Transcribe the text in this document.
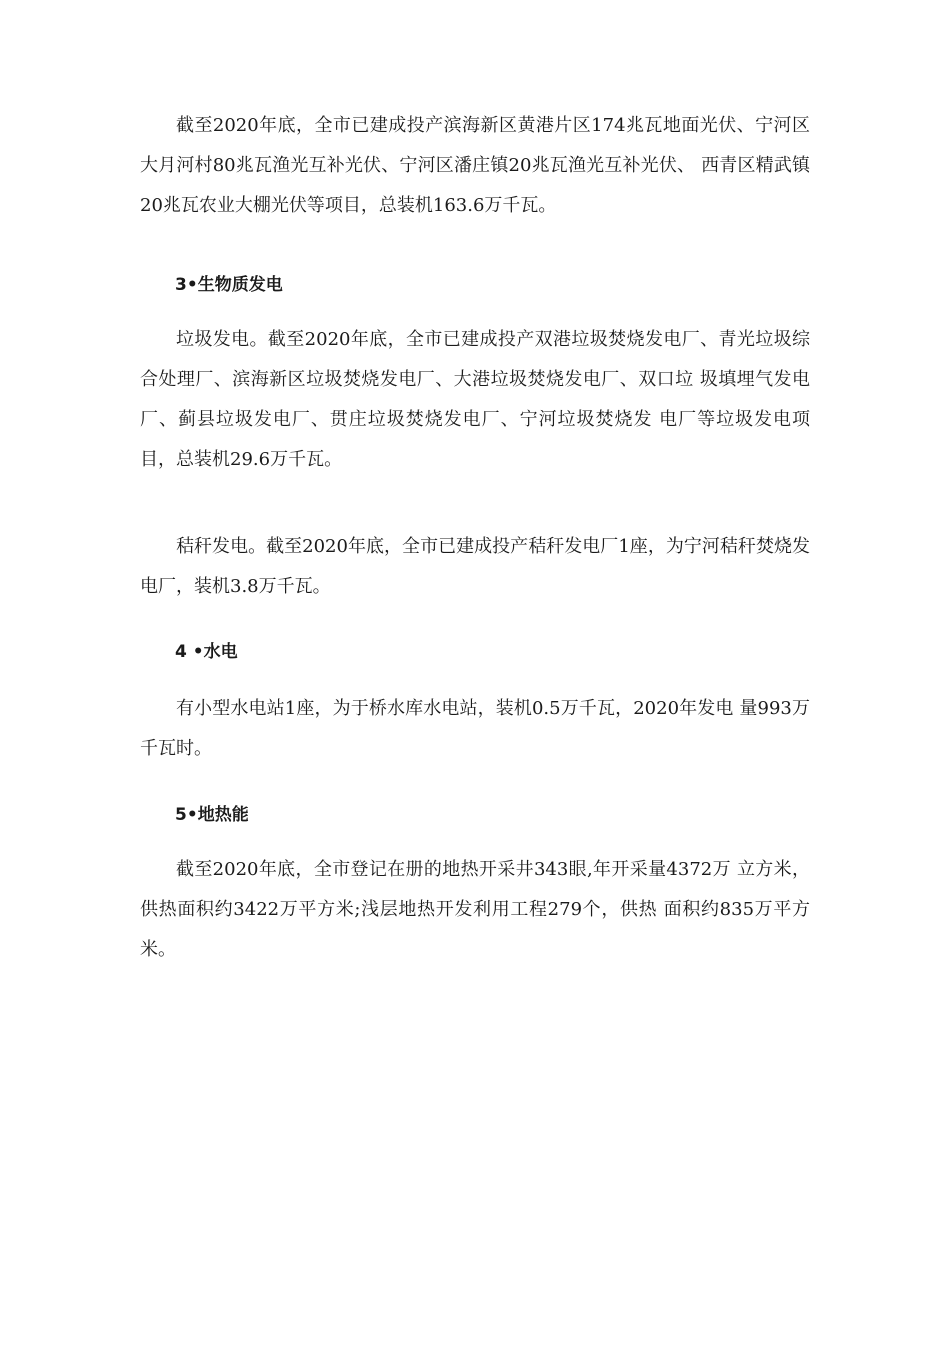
截至2020年底，全市已建成投产滨海新区黄港片区174兆瓦地面光伏、宁河区大月河村80兆瓦渔光互补光伏、宁河区潘庄镇20兆瓦渔光互补光伏、 西青区精武镇20兆瓦农业大棚光伏等项目，总装机163.6万千瓦。

3•生物质发电

垃圾发电。截至2020年底，全市已建成投产双港垃圾焚烧发电厂、青光垃圾综合处理厂、滨海新区垃圾焚烧发电厂、大港垃圾焚烧发电厂、双口垃 圾填埋气发电厂、蓟县垃圾发电厂、贯庄垃圾焚烧发电厂、宁河垃圾焚烧发 电厂等垃圾发电项目，总装机29.6万千瓦。

秸秆发电。截至2020年底，全市已建成投产秸秆发电厂1座，为宁河秸秆焚烧发电厂，装机3.8万千瓦。

4 •水电

有小型水电站1座，为于桥水库水电站，装机0.5万千瓦，2020年发电 量993万千瓦时。

5•地热能

截至2020年底，全市登记在册的地热开采井343眼,年开采量4372万 立方米，供热面积约3422万平方米;浅层地热开发利用工程279个，供热 面积约835万平方米。
